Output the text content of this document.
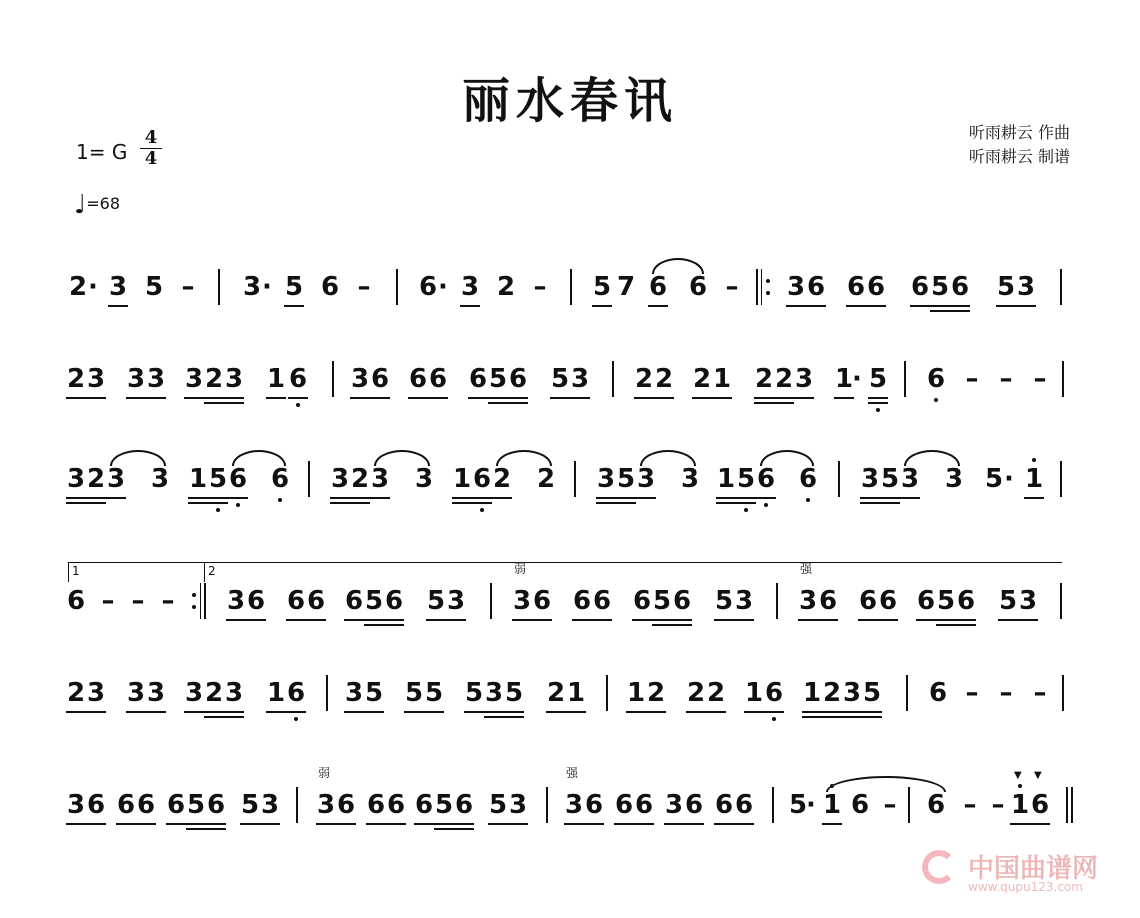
丽水春讯
1= G $\frac{4}{4}$
♩=68
听雨耕云 作曲
听雨耕云 制谱
1	2
2 · 3 5 – 3 · 5 6 – 6 · 3 2 – 5 7 6 6 – 3 6 6 6 6 5 6 5 3
2 3 3 3 3 2 3 1 6 3 6 6 6 6 5 6 5 3 2 2 2 1 2 2 3 1 · 5 6 – – –
3 2 3 3 1 5 6 6 3 2 3 3 1 6 2 2 3 5 3 3 1 5 6 6 3 5 3 3 5 · 1
6 – – – 3 6 6 6 6 5 6 5 3 3
弱
6 6 6 6 5 6 5 3 3
强
6 6 6 6 5 6 5 3
2 3 3 3 3 2 3 1 6 3 5 5 5 5 3 5 2 1 1 2 2 2 1 6 1 2 3 5 6 – – –
3 6 6 6 6 5 6 5 3 3
弱
6 6 6 6 5 6 5 3 3
强
6 6 6 3 6 6 6 5 · 1 6 – 6 – – 1
▼
6
▼
中国曲谱网
www.qupu123.com
